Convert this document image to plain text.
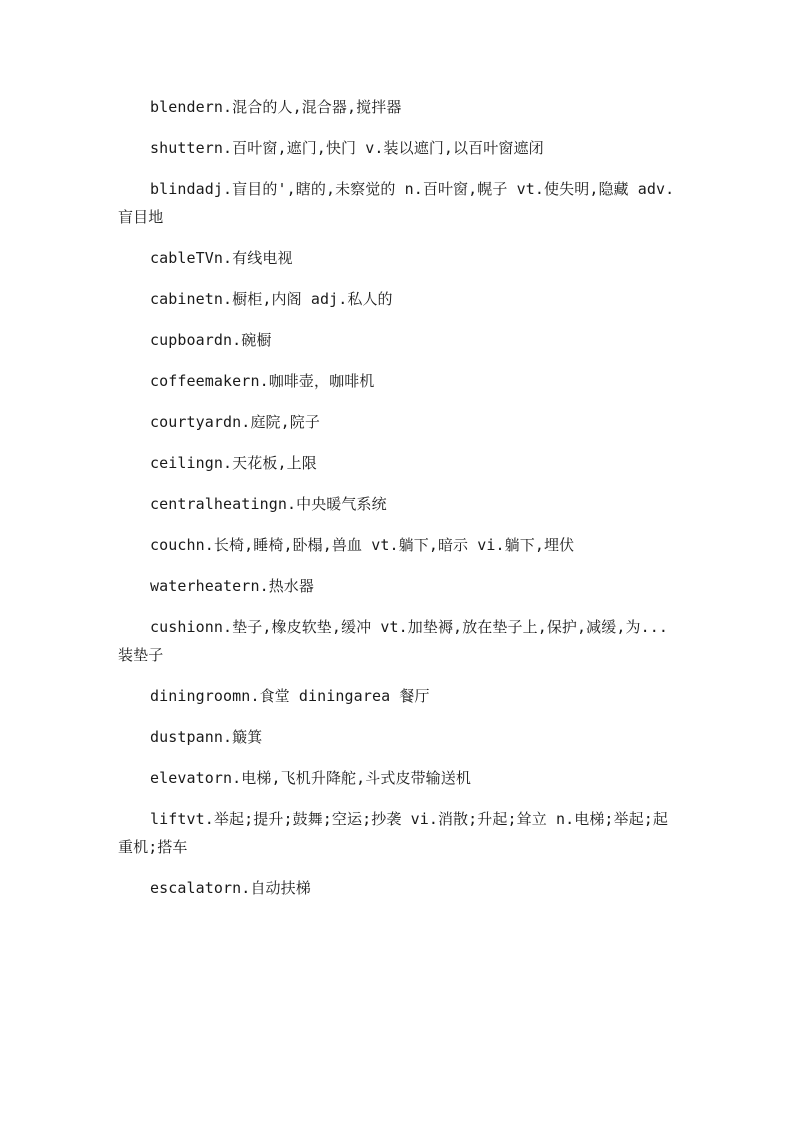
blendern.混合的人,混合器,搅拌器

shuttern.百叶窗,遮门,快门 v.装以遮门,以百叶窗遮闭

blindadj.盲目的',瞎的,未察觉的 n.百叶窗,幌子 vt.使失明,隐藏 adv.盲目地

cableTVn.有线电视

cabinetn.橱柜,内阁 adj.私人的

cupboardn.碗橱

coffeemakern.咖啡壶，咖啡机

courtyardn.庭院,院子

ceilingn.天花板,上限

centralheatingn.中央暖气系统

couchn.长椅,睡椅,卧榻,兽血 vt.躺下,暗示 vi.躺下,埋伏

waterheatern.热水器

cushionn.垫子,橡皮软垫,缓冲 vt.加垫褥,放在垫子上,保护,减缓,为...装垫子

diningroomn.食堂 diningarea 餐厅

dustpann.簸箕

elevatorn.电梯,飞机升降舵,斗式皮带输送机

liftvt.举起;提升;鼓舞;空运;抄袭 vi.消散;升起;耸立 n.电梯;举起;起重机;搭车

escalatorn.自动扶梯
